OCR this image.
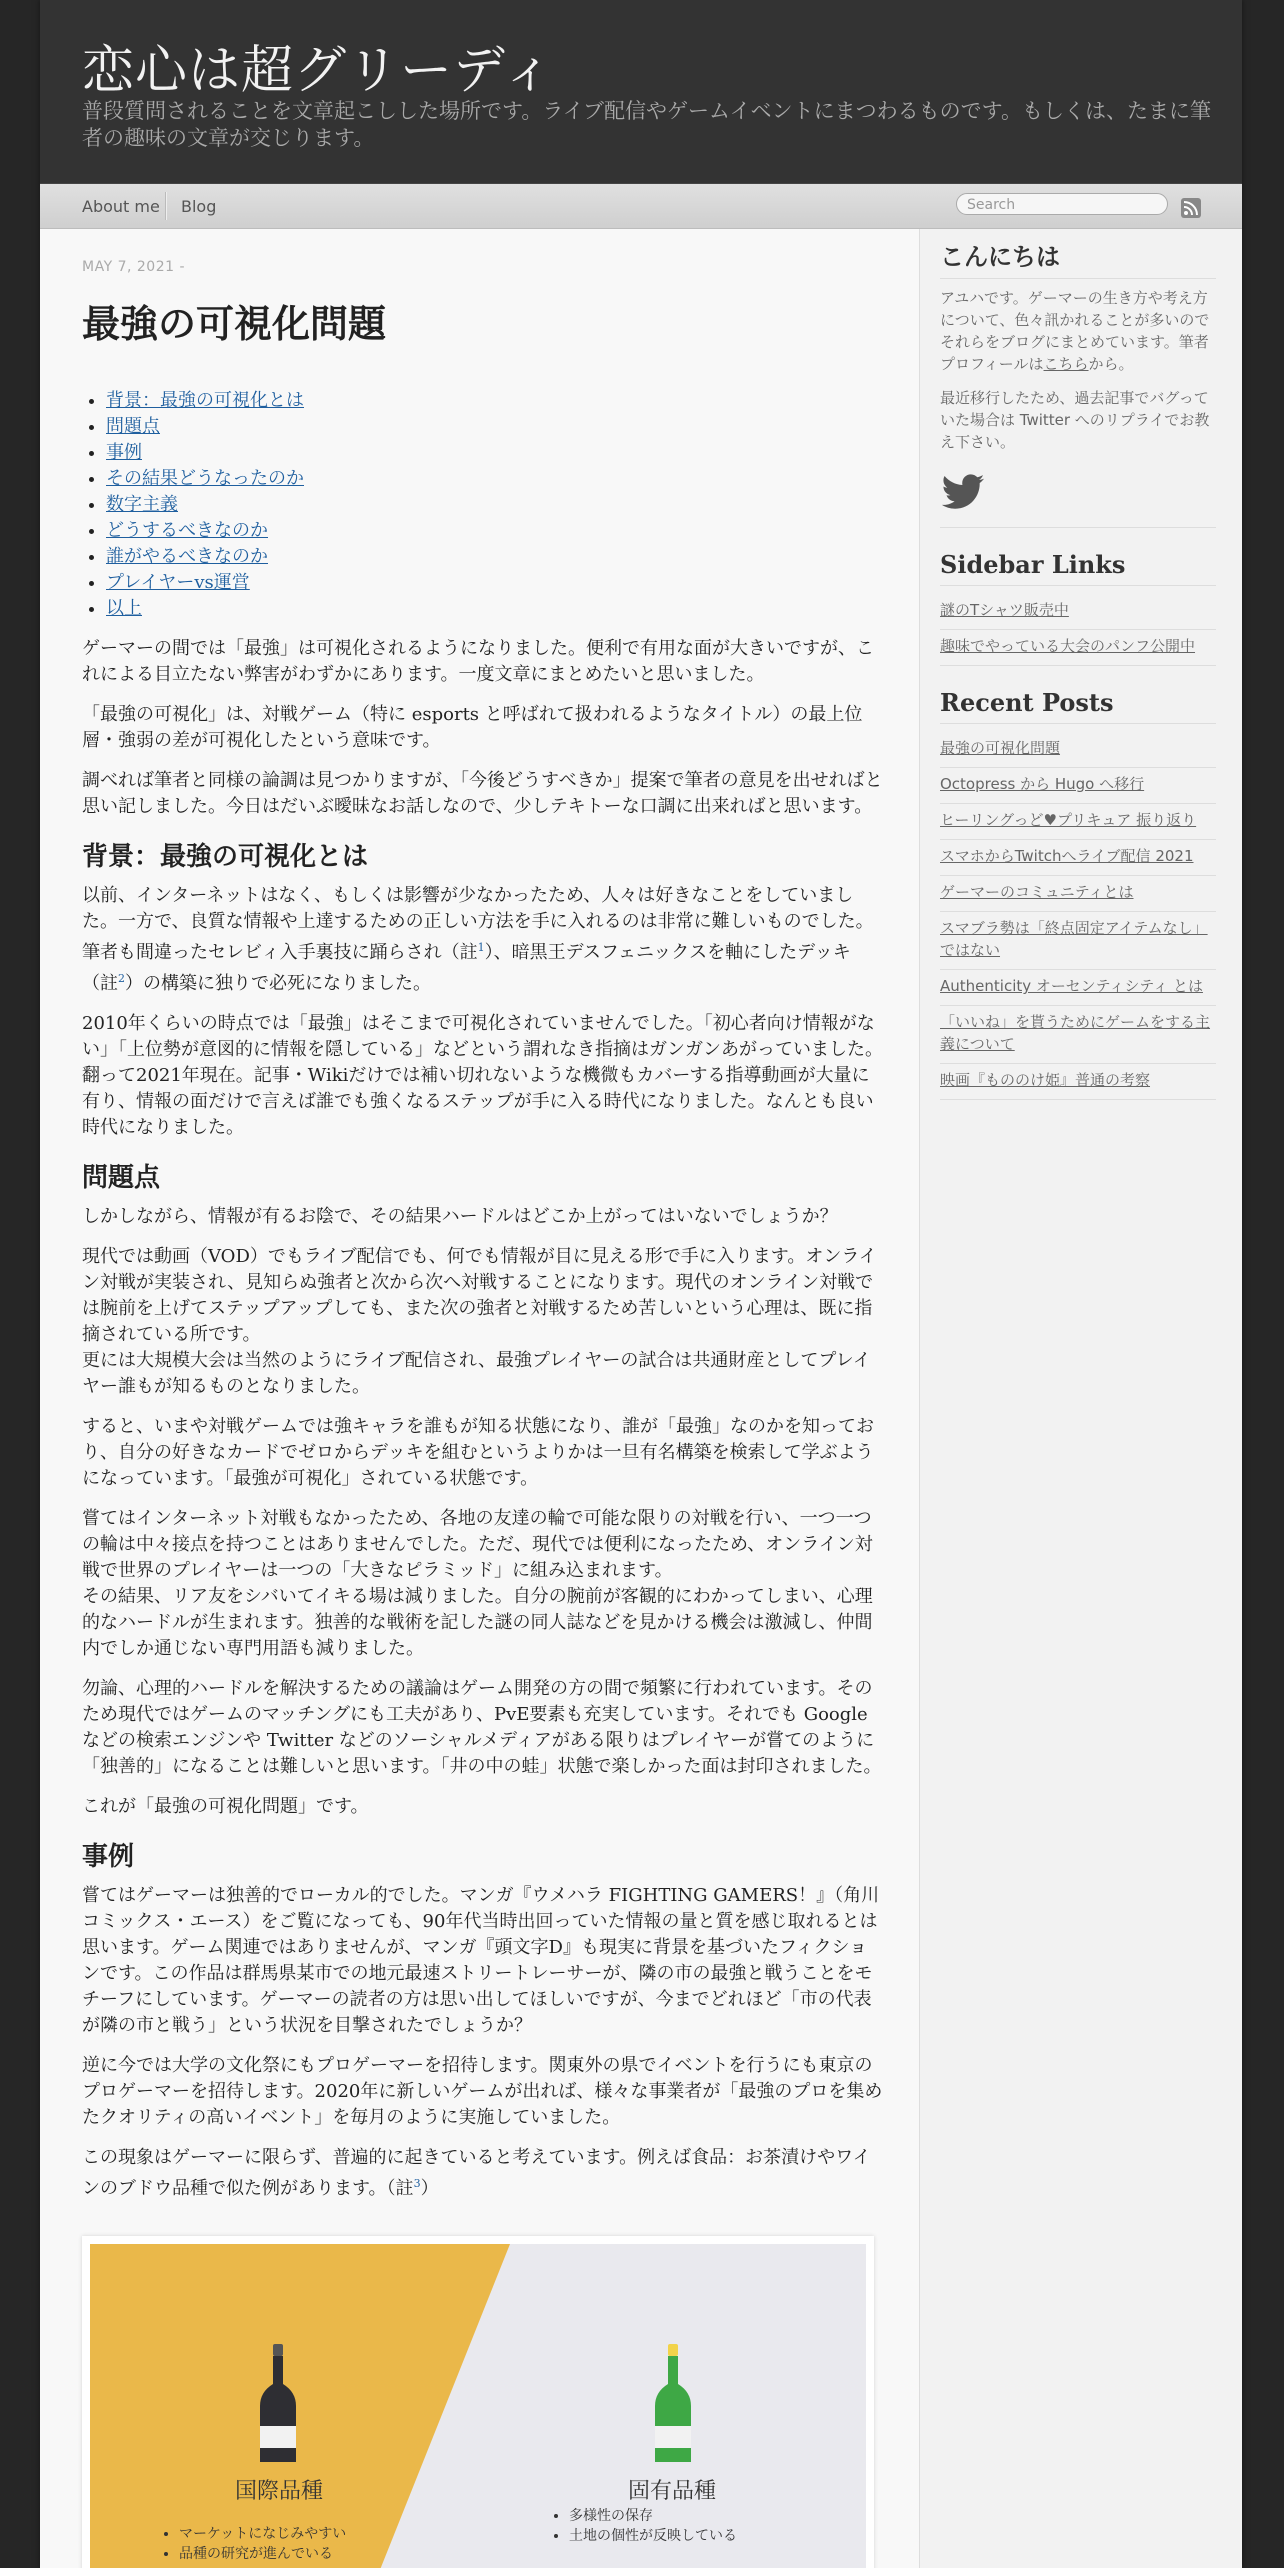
恋心は超グリーディ
普段質問されることを文章起こしした場所です。ライブ配信やゲームイベントにまつわるものです。もしくは、たまに筆者の趣味の文章が交じります。
About me Blog	Search
MAY 7, 2021 -
最強の可視化問題
• 背景：最強の可視化とは
• 問題点
• 事例
• その結果どうなったのか
• 数字主義
• どうするべきなのか
• 誰がやるべきなのか
• プレイヤーvs運営
• 以上

ゲーマーの間では「最強」は可視化されるようになりました。便利で有用な面が大きいですが、これによる目立たない弊害がわずかにあります。一度文章にまとめたいと思いました。

「最強の可視化」は、対戦ゲーム（特に esports と呼ばれて扱われるようなタイトル）の最上位層・強弱の差が可視化したという意味です。

調べれば筆者と同様の論調は見つかりますが、「今後どうすべきか」提案で筆者の意見を出せればと思い記しました。今日はだいぶ曖昧なお話しなので、少しテキトーな口調に出来ればと思います。

背景：最強の可視化とは

以前、インターネットはなく、もしくは影響が少なかったため、人々は好きなことをしていました。一方で、良質な情報や上達するための正しい方法を手に入れるのは非常に難しいものでした。筆者も間違ったセレビィ入手裏技に踊らされ（註$^1$）、暗黒王デスフェニックスを軸にしたデッキ（註$^2$）の構築に独りで必死になりました。

2010年くらいの時点では「最強」はそこまで可視化されていませんでした。「初心者向け情報がない」「上位勢が意図的に情報を隠している」などという謂れなき指摘はガンガンあがっていました。翻って2021年現在。記事・Wikiだけでは補い切れないような機微もカバーする指導動画が大量に有り、情報の面だけで言えば誰でも強くなるステップが手に入る時代になりました。なんとも良い時代になりました。

問題点

しかしながら、情報が有るお陰で、その結果ハードルはどこか上がってはいないでしょうか？

現代では動画（VOD）でもライブ配信でも、何でも情報が目に見える形で手に入ります。オンライン対戦が実装され、見知らぬ強者と次から次へ対戦することになります。現代のオンライン対戦では腕前を上げてステップアップしても、また次の強者と対戦するため苦しいという心理は、既に指摘されている所です。
更には大規模大会は当然のようにライブ配信され、最強プレイヤーの試合は共通財産としてプレイヤー誰もが知るものとなりました。

すると、いまや対戦ゲームでは強キャラを誰もが知る状態になり、誰が「最強」なのかを知っており、自分の好きなカードでゼロからデッキを組むというよりかは一旦有名構築を検索して学ぶようになっています。「最強が可視化」されている状態です。

嘗てはインターネット対戦もなかったため、各地の友達の輪で可能な限りの対戦を行い、一つ一つの輪は中々接点を持つことはありませんでした。ただ、現代では便利になったため、オンライン対戦で世界のプレイヤーは一つの「大きなピラミッド」に組み込まれます。
その結果、リア友をシバいてイキる場は減りました。自分の腕前が客観的にわかってしまい、心理的なハードルが生まれます。独善的な戦術を記した謎の同人誌などを見かける機会は激減し、仲間内でしか通じない専門用語も減りました。

勿論、心理的ハードルを解決するための議論はゲーム開発の方の間で頻繁に行われています。そのため現代ではゲームのマッチングにも工夫があり、PvE要素も充実しています。それでも Google などの検索エンジンや Twitter などのソーシャルメディアがある限りはプレイヤーが嘗てのように「独善的」になることは難しいと思います。「井の中の蛙」状態で楽しかった面は封印されました。

これが「最強の可視化問題」です。

事例

嘗てはゲーマーは独善的でローカル的でした。マンガ『ウメハラ FIGHTING GAMERS！』（角川コミックス・エース）をご覧になっても、90年代当時出回っていた情報の量と質を感じ取れるとは思います。ゲーム関連ではありませんが、マンガ『頭文字D』も現実に背景を基づいたフィクションです。この作品は群馬県某市での地元最速ストリートレーサーが、隣の市の最強と戦うことをモチーフにしています。ゲーマーの読者の方は思い出してほしいですが、今までどれほど「市の代表が隣の市と戦う」という状況を目撃されたでしょうか？

逆に今では大学の文化祭にもプロゲーマーを招待します。関東外の県でイベントを行うにも東京のプロゲーマーを招待します。2020年に新しいゲームが出れば、様々な事業者が「最強のプロを集めたクオリティの高いイベント」を毎月のように実施していました。

この現象はゲーマーに限らず、普遍的に起きていると考えています。例えば食品：お茶漬けやワインのブドウ品種で似た例があります。（註$^3$）

国際品種
• マーケットになじみやすい
• 品種の研究が進んでいる
固有品種
• 多様性の保存
• 土地の個性が反映している
こんにちは

アユハです。ゲーマーの生き方や考え方について、色々訊かれることが多いのでそれらをブログにまとめています。筆者プロフィールはこちらから。

最近移行したため、過去記事でバグっていた場合は Twitter へのリプライでお教え下さい。

Sidebar Links
謎のTシャツ販売中
趣味でやっている大会のパンフ公開中
Recent Posts
最強の可視化問題
Octopress から Hugo へ移行
ヒーリングっど♥プリキュア 振り返り
スマホからTwitchへライブ配信 2021
ゲーマーのコミュニティとは
スマブラ勢は「終点固定アイテムなし」ではない
Authenticity オーセンティシティ とは
「いいね」を貰うためにゲームをする主義について
映画『もののけ姫』普通の考察
